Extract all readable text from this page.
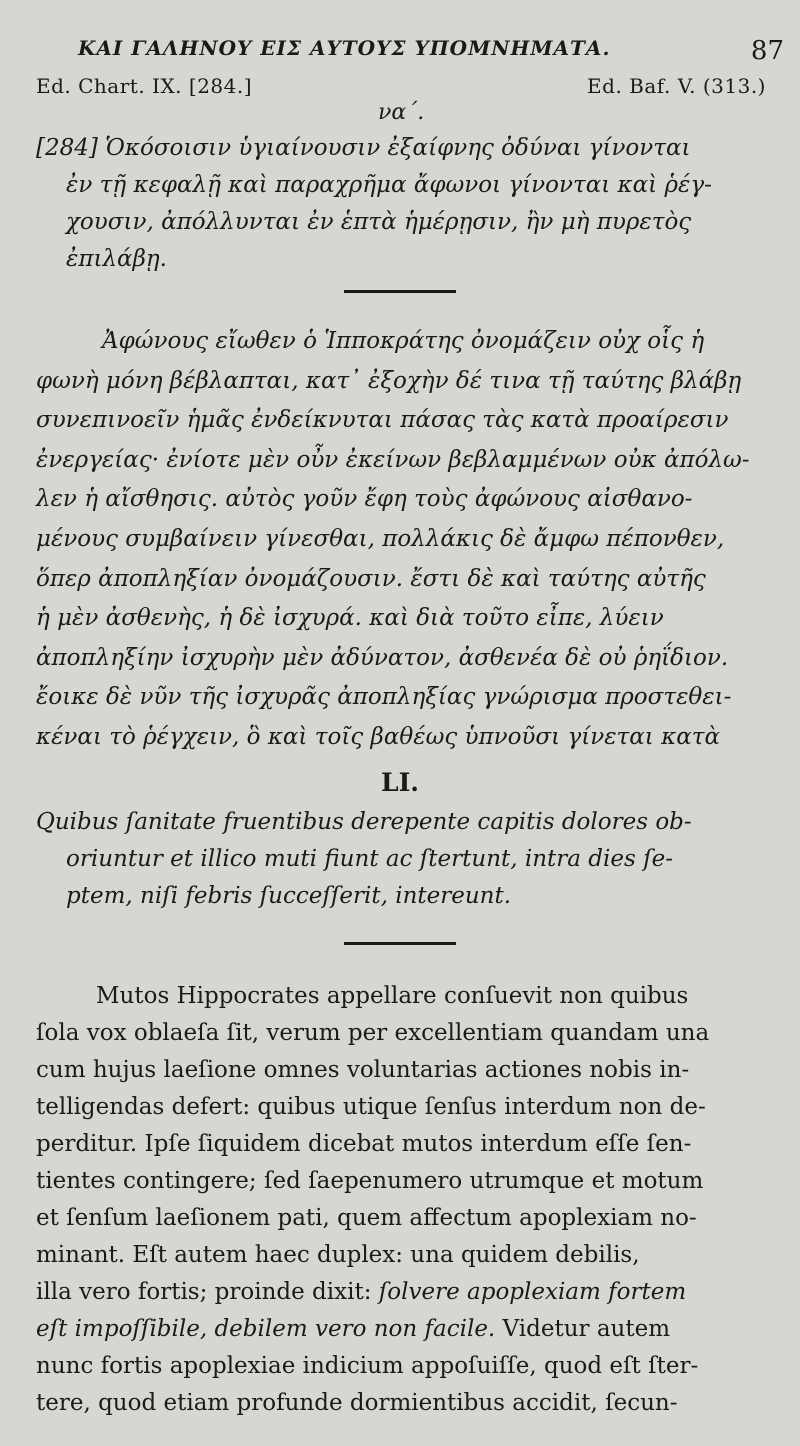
ΚΑΙ ΓΑΛΗΝΟΥ ΕΙΣ ΑΥΤΟΥΣ ΥΠΟΜΝΗΜΑΤΑ.	87
Ed. Chart. IX. [284.]	Ed. Baf. V. (313.)
να΄.
[284] Ὁκόσοισιν ὑγιαίνουσιν ἐξαίφνης ὀδύναι γίνονται
ἐν τῇ κεφαλῇ καὶ παραχρῆμα ἄφωνοι γίνονται καὶ ῥέγ-
χουσιν, ἀπόλλυνται ἐν ἑπτὰ ἡμέρῃσιν, ἢν μὴ πυρετὸς
ἐπιλάβῃ.
Ἀφώνους εἴωθεν ὁ Ἱπποκράτης ὀνομάζειν οὐχ οἷς ἡ
φωνὴ μόνη βέβλαπται, κατ᾽ ἐξοχὴν δέ τινα τῇ ταύτης βλάβῃ
συνεπινοεῖν ἡμᾶς ἐνδείκνυται πάσας τὰς κατὰ προαίρεσιν
ἐνεργείας· ἐνίοτε μὲν οὖν ἐκείνων βεβλαμμένων οὐκ ἀπόλω-
λεν ἡ αἴσθησις. αὐτὸς γοῦν ἔφη τοὺς ἀφώνους αἰσθανο-
μένους συμβαίνειν γίνεσθαι, πολλάκις δὲ ἄμφω πέπονθεν,
ὅπερ ἀποπληξίαν ὀνομάζουσιν. ἔστι δὲ καὶ ταύτης αὐτῆς
ἡ μὲν ἀσθενὴς, ἡ δὲ ἰσχυρά. καὶ διὰ τοῦτο εἶπε, λύειν
ἀποπληξίην ἰσχυρὴν μὲν ἀδύνατον, ἀσθενέα δὲ οὐ ῥηΐδιον.
ἔοικε δὲ νῦν τῆς ἰσχυρᾶς ἀποπληξίας γνώρισμα προστεθει-
κέναι τὸ ῥέγχειν, ὃ καὶ τοῖς βαθέως ὑπνοῦσι γίνεται κατὰ
LI.
Quibus ſanitate fruentibus derepente capitis dolores ob-
oriuntur et illico muti fiunt ac ſtertunt, intra dies ſe-
ptem, niſi febris ſucceſſerit, intereunt.
Mutos Hippocrates appellare conſuevit non quibus
ſola vox oblaeſa ſit, verum per excellentiam quandam una
cum hujus laeſione omnes voluntarias actiones nobis in-
telligendas defert: quibus utique ſenſus interdum non de-
perditur. Ipſe ſiquidem dicebat mutos interdum eſſe ſen-
tientes contingere; ſed ſaepenumero utrumque et motum
et ſenſum laeſionem pati, quem affectum apoplexiam no-
minant. Eſt autem haec duplex: una quidem debilis,
illa vero fortis; proinde dixit: ſolvere apoplexiam fortem
eſt impoſſibile, debilem vero non facile. Videtur autem
nunc fortis apoplexiae indicium appoſuiſſe, quod eſt ſter-
tere, quod etiam profunde dormientibus accidit, ſecun-
